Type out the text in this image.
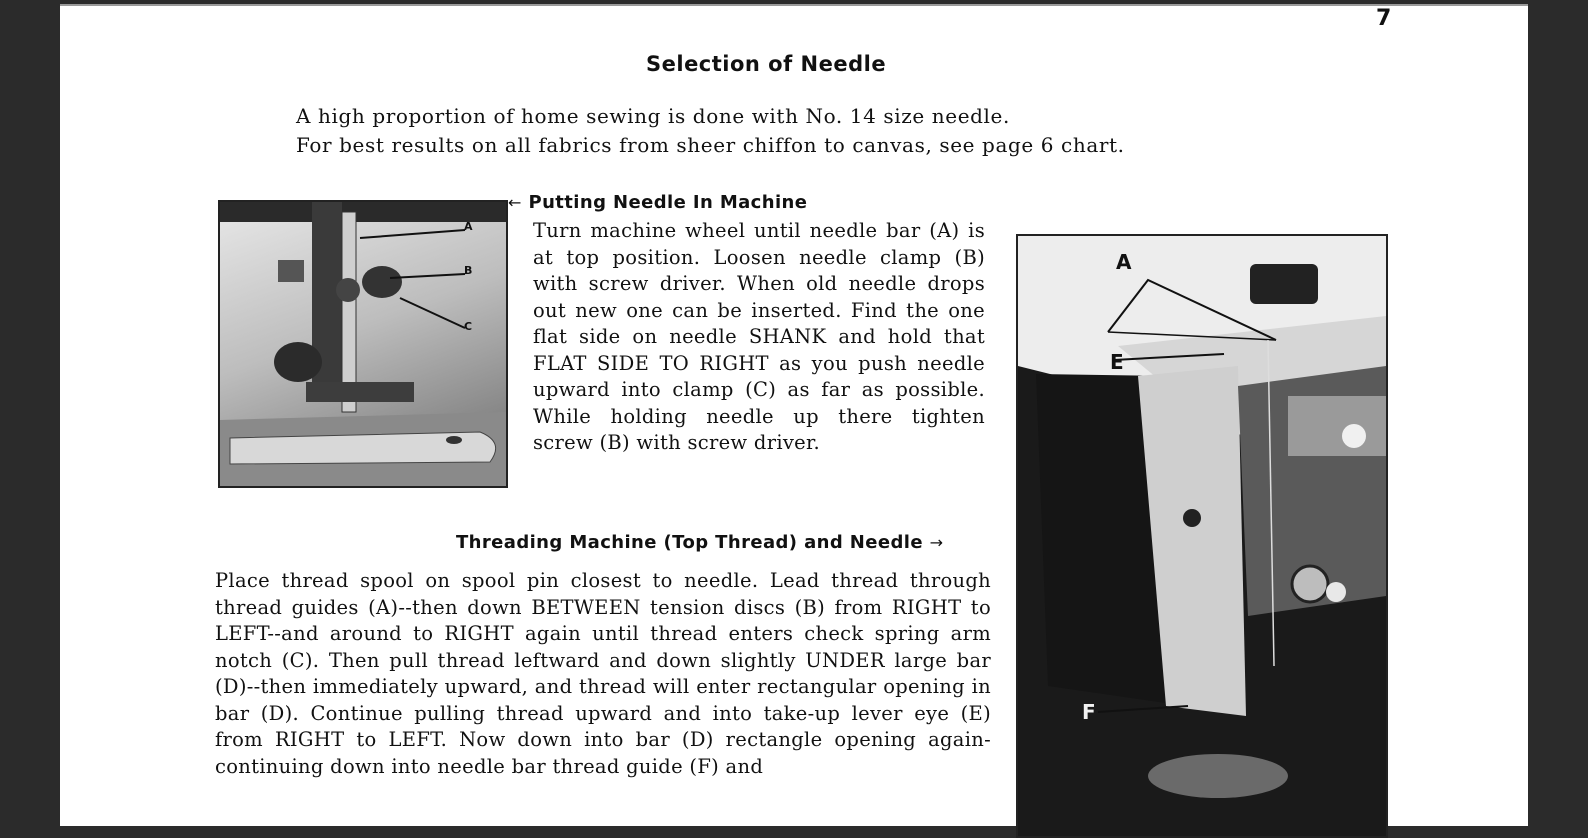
7
Selection of Needle

A high proportion of home sewing is done with No. 14 size needle.

For best results on all fabrics from sheer chiffon to canvas, see page 6 chart.

A
B
C
← Putting Needle In Machine

Turn machine wheel until needle bar (A) is at top position. Loosen needle clamp (B) with screw driver. When old needle drops out new one can be inserted. Find the one flat side on needle SHANK and hold that FLAT SIDE TO RIGHT as you push needle upward into clamp (C) as far as possible. While holding needle up there tighten screw (B) with screw driver.

Threading Machine (Top Thread) and Needle →

Place thread spool on spool pin closest to needle. Lead thread through thread guides (A)--then down BETWEEN tension discs (B) from RIGHT to LEFT--and around to RIGHT again until thread enters check spring arm notch (C). Then pull thread leftward and down slightly UNDER large bar (D)--then immediately upward, and thread will enter rectangular opening in bar (D). Continue pulling thread upward and into take-up lever eye (E) from RIGHT to LEFT. Now down into bar (D) rectangle opening again-continuing down into needle bar thread guide (F) and

A
E
F
